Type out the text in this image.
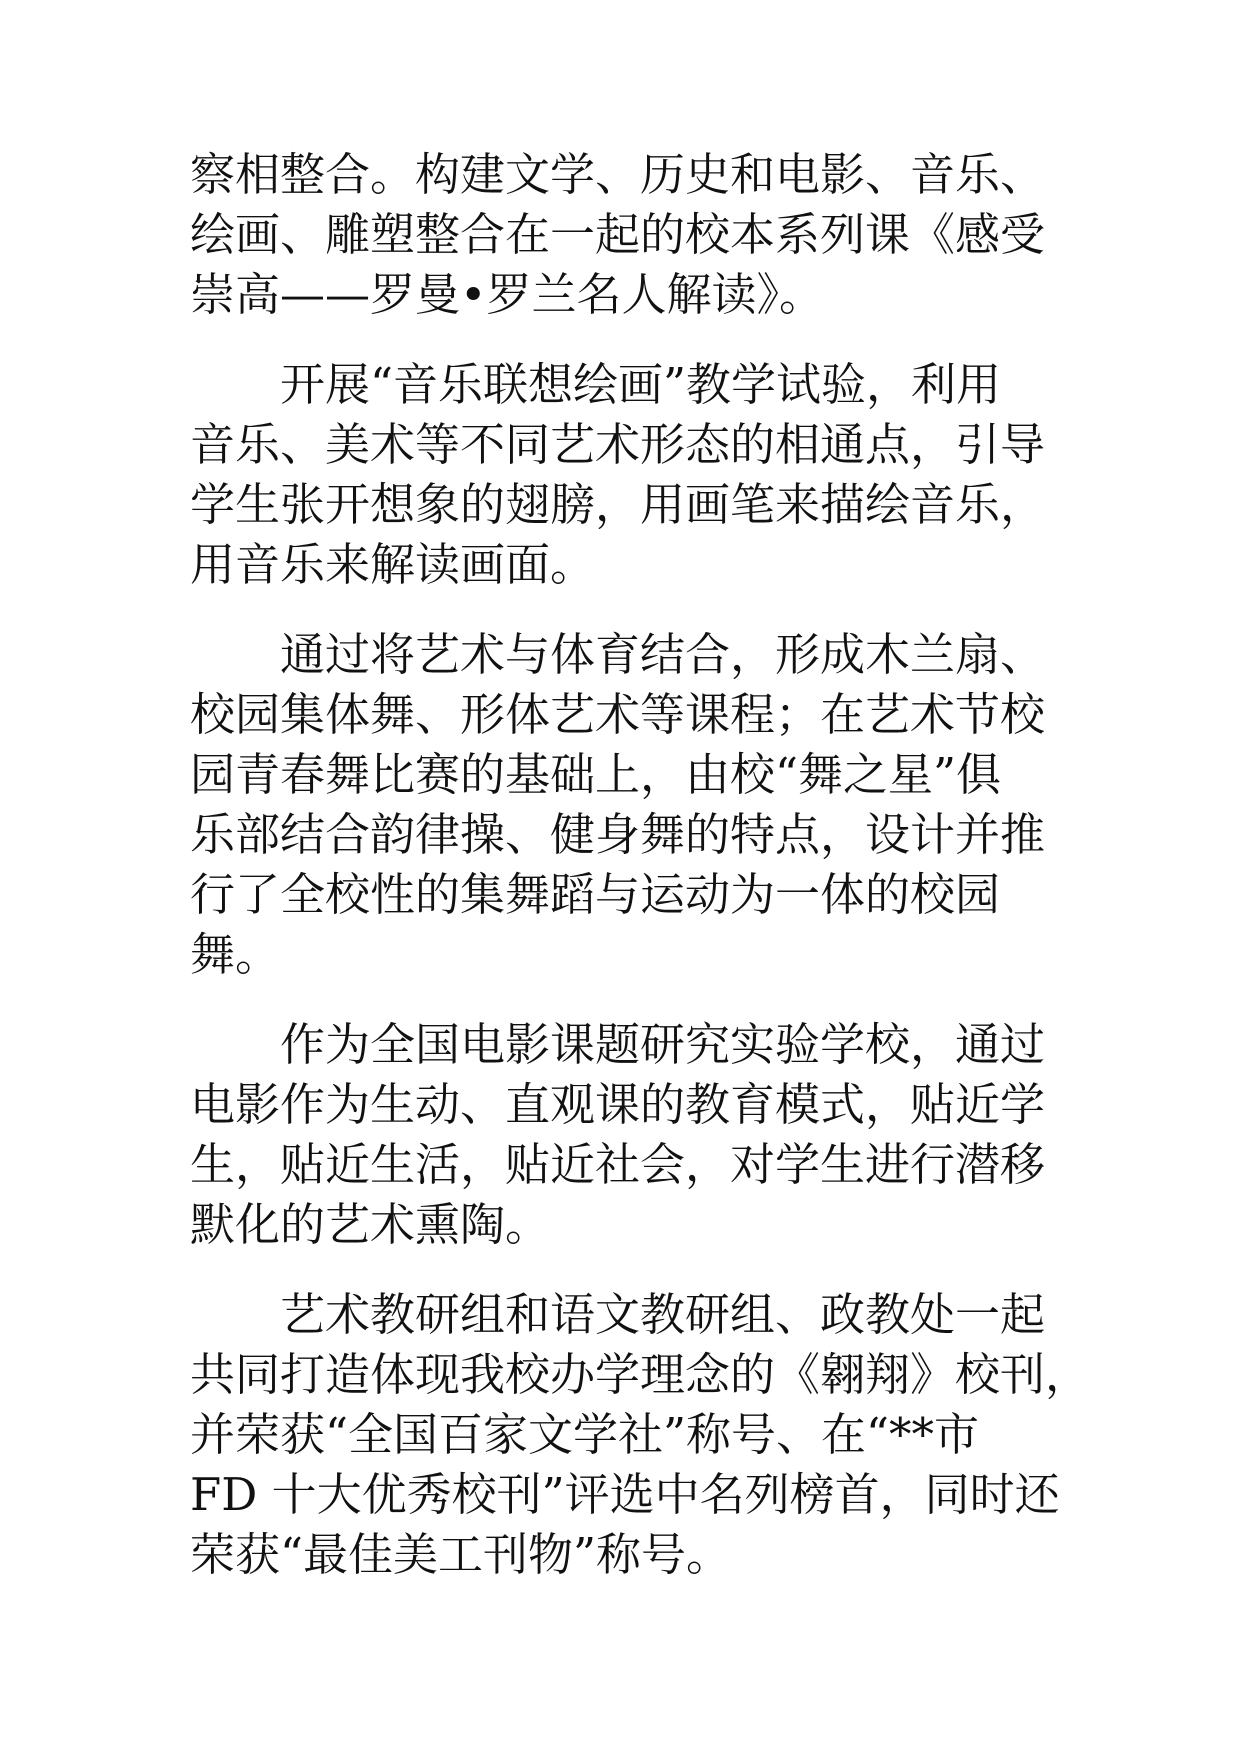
察相整合。构建文学、历史和电影、音乐、
绘画、雕塑整合在一起的校本系列课《感受
崇高——罗曼•罗兰名人解读》。

开展“音乐联想绘画”教学试验，利用
音乐、美术等不同艺术形态的相通点，引导
学生张开想象的翅膀，用画笔来描绘音乐，
用音乐来解读画面。

通过将艺术与体育结合，形成木兰扇、
校园集体舞、形体艺术等课程；在艺术节校
园青春舞比赛的基础上，由校“舞之星”俱
乐部结合韵律操、健身舞的特点，设计并推
行了全校性的集舞蹈与运动为一体的校园
舞。

作为全国电影课题研究实验学校，通过
电影作为生动、直观课的教育模式，贴近学
生，贴近生活，贴近社会，对学生进行潜移
默化的艺术熏陶。

艺术教研组和语文教研组、政教处一起
共同打造体现我校办学理念的《翱翔》校刊，
并荣获“全国百家文学社”称号、在“**市
FD 十大优秀校刊”评选中名列榜首，同时还
荣获“最佳美工刊物”称号。
